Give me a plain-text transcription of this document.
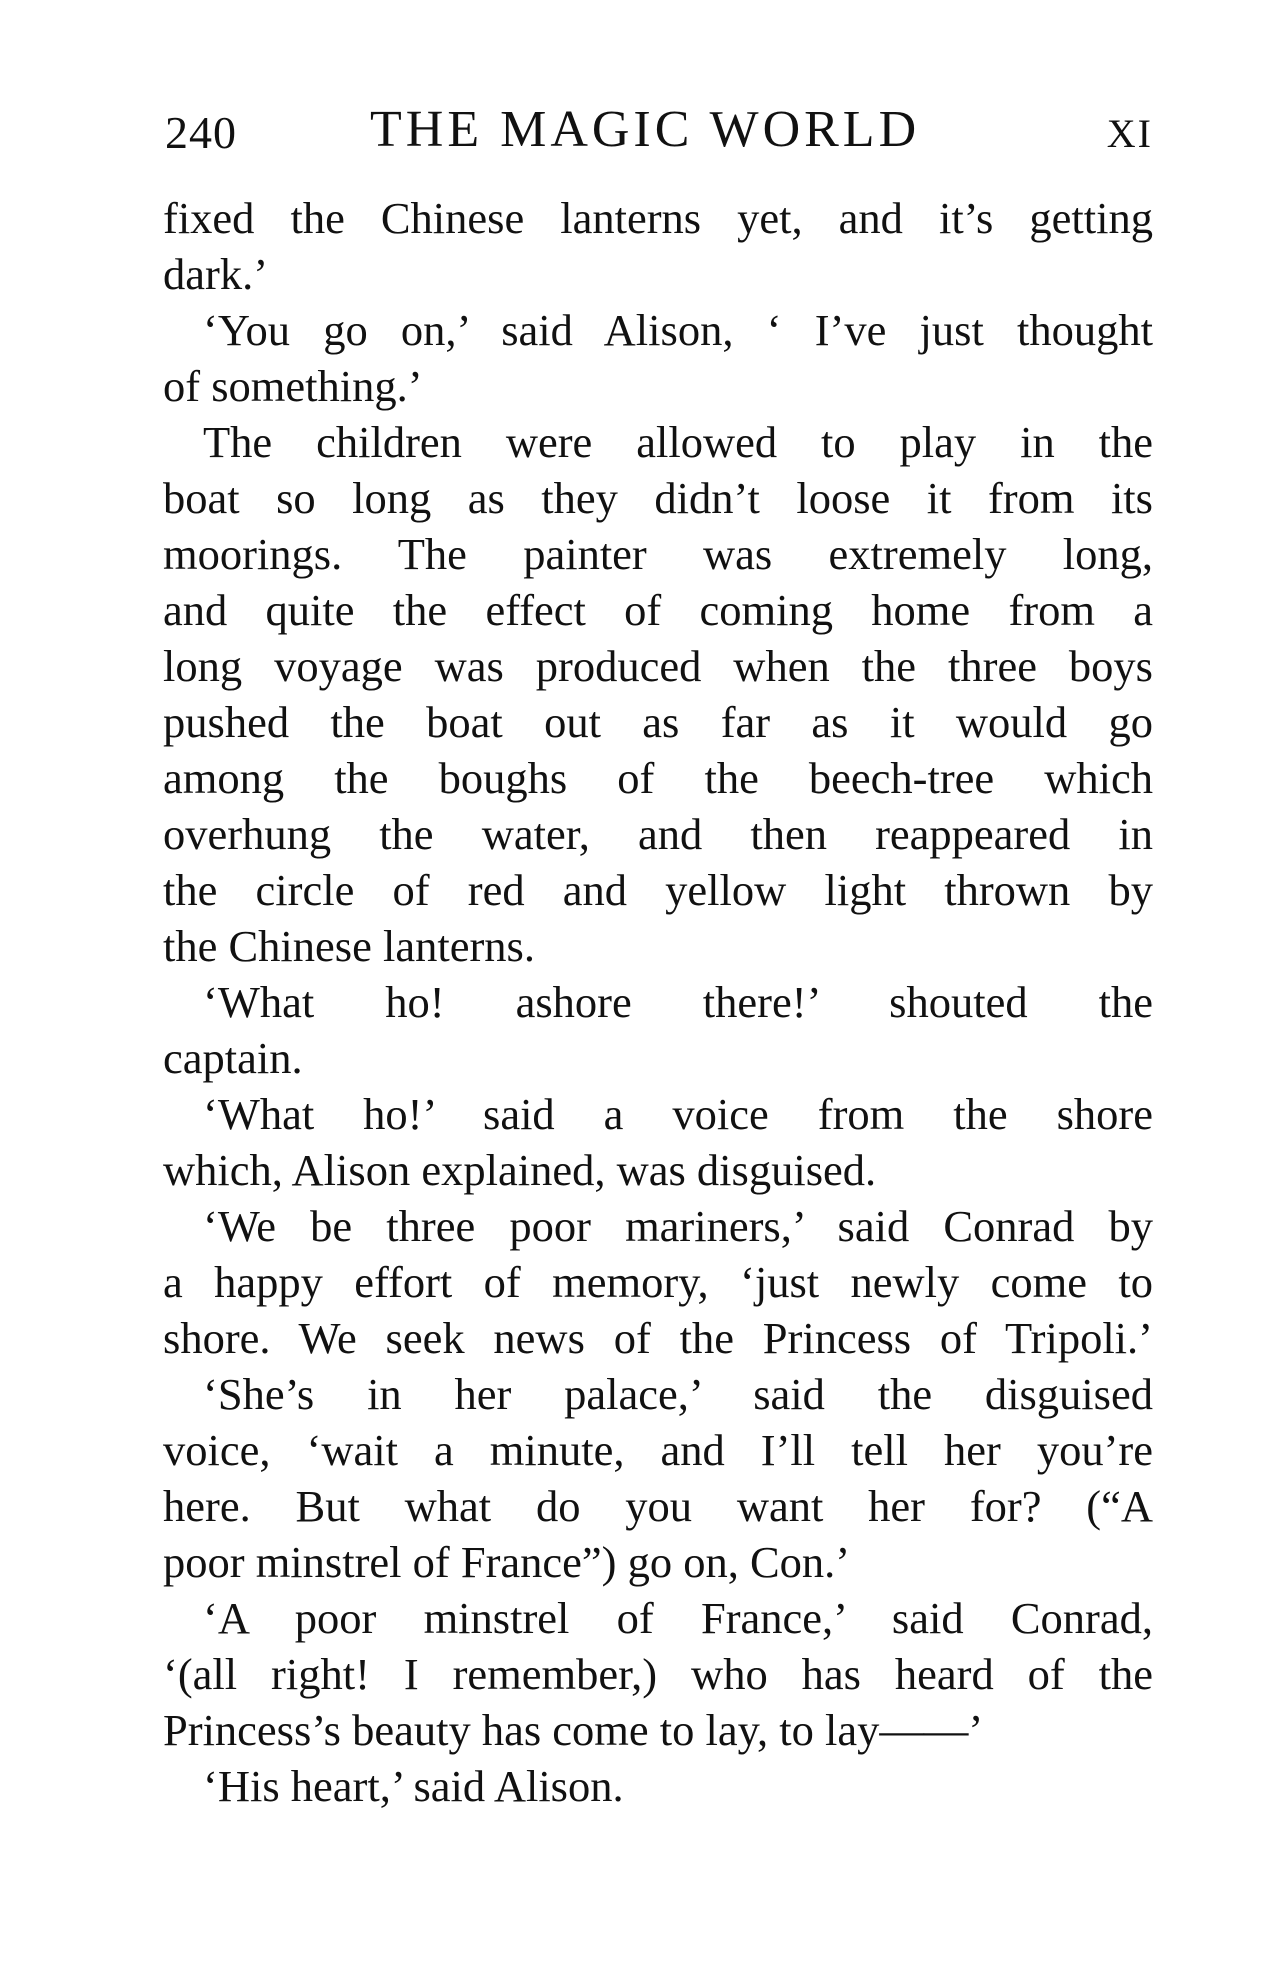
240	THE MAGIC WORLD	XI
fixed the Chinese lanterns yet, and it’s getting
dark.’
‘You go on,’ said Alison, ‘ I’ve just thought
of something.’
The children were allowed to play in the
boat so long as they didn’t loose it from its
moorings. The painter was extremely long,
and quite the effect of coming home from a
long voyage was produced when the three boys
pushed the boat out as far as it would go
among the boughs of the beech-tree which
overhung the water, and then reappeared in
the circle of red and yellow light thrown by
the Chinese lanterns.
‘What ho! ashore there!’ shouted the
captain.
‘What ho!’ said a voice from the shore
which, Alison explained, was disguised.
‘We be three poor mariners,’ said Conrad by
a happy effort of memory, ‘just newly come to
shore. We seek news of the Princess of Tripoli.’
‘She’s in her palace,’ said the disguised
voice, ‘wait a minute, and I’ll tell her you’re
here. But what do you want her for? (“A
poor minstrel of France”) go on, Con.’
‘A poor minstrel of France,’ said Conrad,
‘(all right! I remember,) who has heard of the
Princess’s beauty has come to lay, to lay——’
‘His heart,’ said Alison.
